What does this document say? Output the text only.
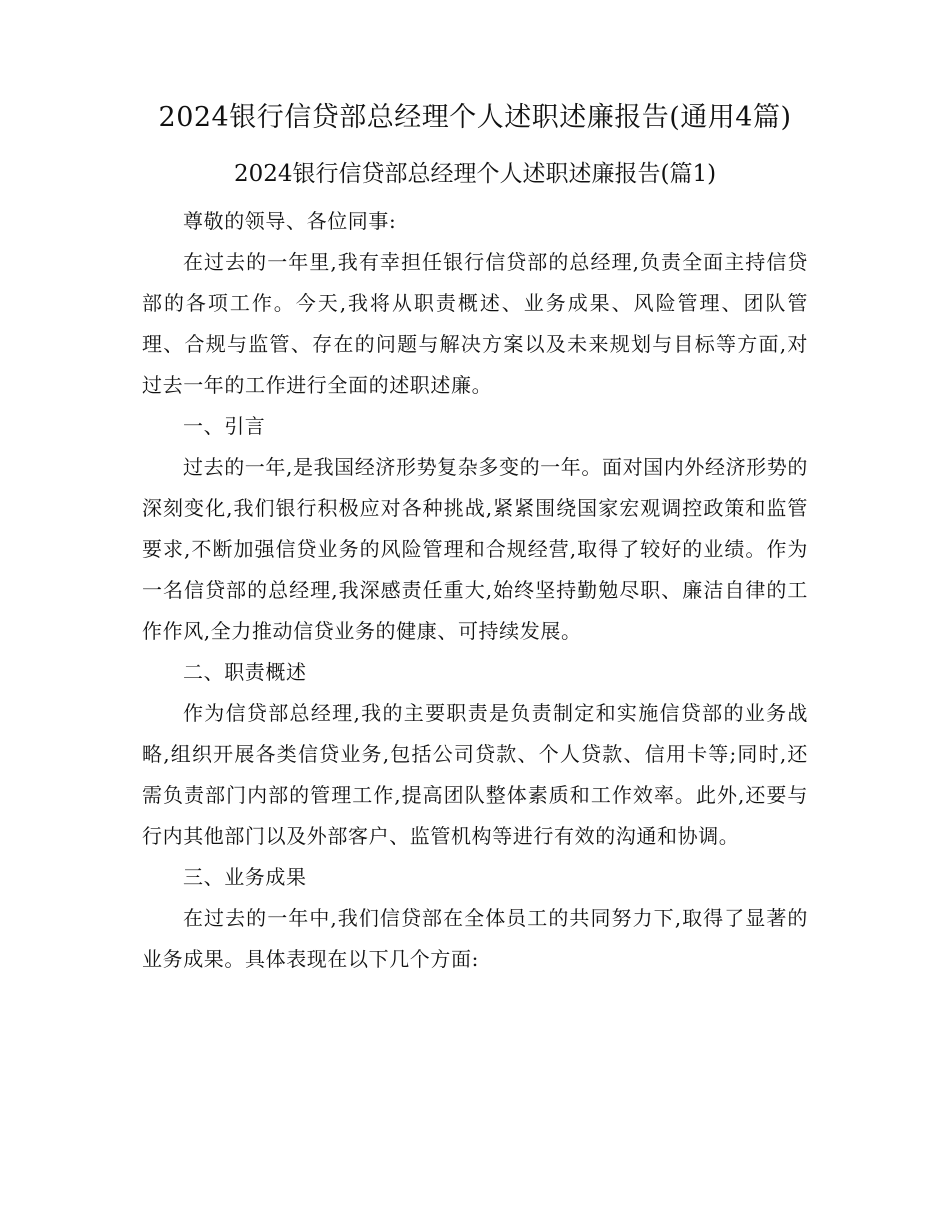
2024银行信贷部总经理个人述职述廉报告(通用4篇)
2024银行信贷部总经理个人述职述廉报告(篇1)

尊敬的领导、各位同事:

在过去的一年里,我有幸担任银行信贷部的总经理,负责全面主持信贷部的各项工作。今天,我将从职责概述、业务成果、风险管理、团队管理、合规与监管、存在的问题与解决方案以及未来规划与目标等方面,对过去一年的工作进行全面的述职述廉。

一、引言

过去的一年,是我国经济形势复杂多变的一年。面对国内外经济形势的深刻变化,我们银行积极应对各种挑战,紧紧围绕国家宏观调控政策和监管要求,不断加强信贷业务的风险管理和合规经营,取得了较好的业绩。作为一名信贷部的总经理,我深感责任重大,始终坚持勤勉尽职、廉洁自律的工作作风,全力推动信贷业务的健康、可持续发展。

二、职责概述

作为信贷部总经理,我的主要职责是负责制定和实施信贷部的业务战略,组织开展各类信贷业务,包括公司贷款、个人贷款、信用卡等;同时,还需负责部门内部的管理工作,提高团队整体素质和工作效率。此外,还要与行内其他部门以及外部客户、监管机构等进行有效的沟通和协调。

三、业务成果

在过去的一年中,我们信贷部在全体员工的共同努力下,取得了显著的业务成果。具体表现在以下几个方面:
